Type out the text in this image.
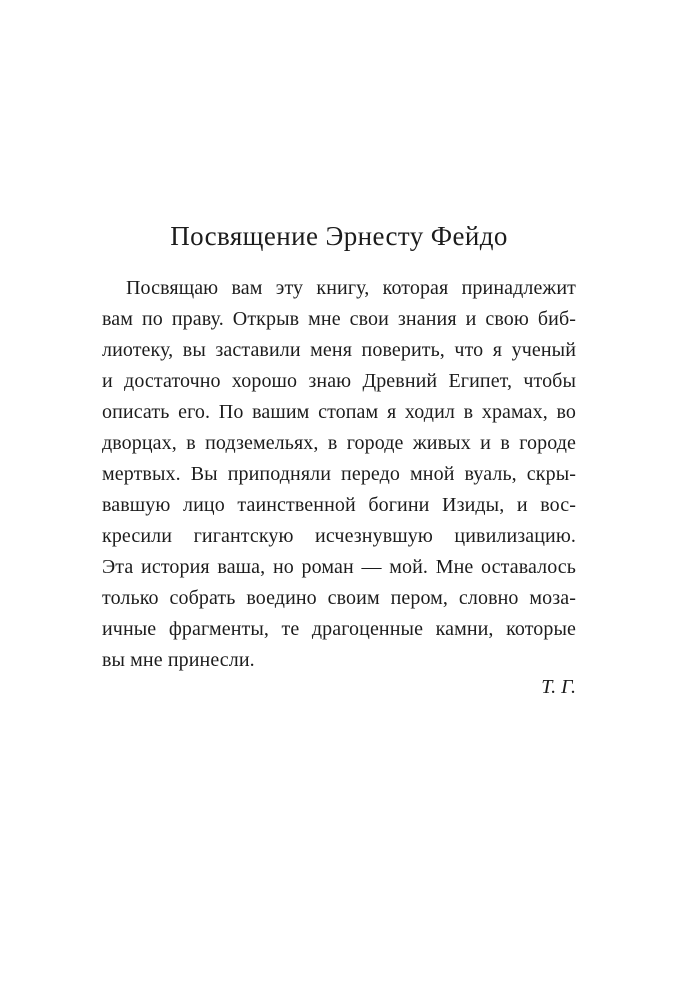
Посвящение Эрнесту Фейдо
Посвящаю вам эту книгу, которая принадлежит
вам по праву. Открыв мне свои знания и свою биб-
лиотеку, вы заставили меня поверить, что я ученый
и достаточно хорошо знаю Древний Египет, чтобы
описать его. По вашим стопам я ходил в храмах, во
дворцах, в подземельях, в городе живых и в городе
мертвых. Вы приподняли передо мной вуаль, скры-
вавшую лицо таинственной богини Изиды, и вос-
кресили гигантскую исчезнувшую цивилизацию.
Эта история ваша, но роман — мой. Мне оставалось
только собрать воедино своим пером, словно моза-
ичные фрагменты, те драгоценные камни, которые
вы мне принесли.
Т. Г.
